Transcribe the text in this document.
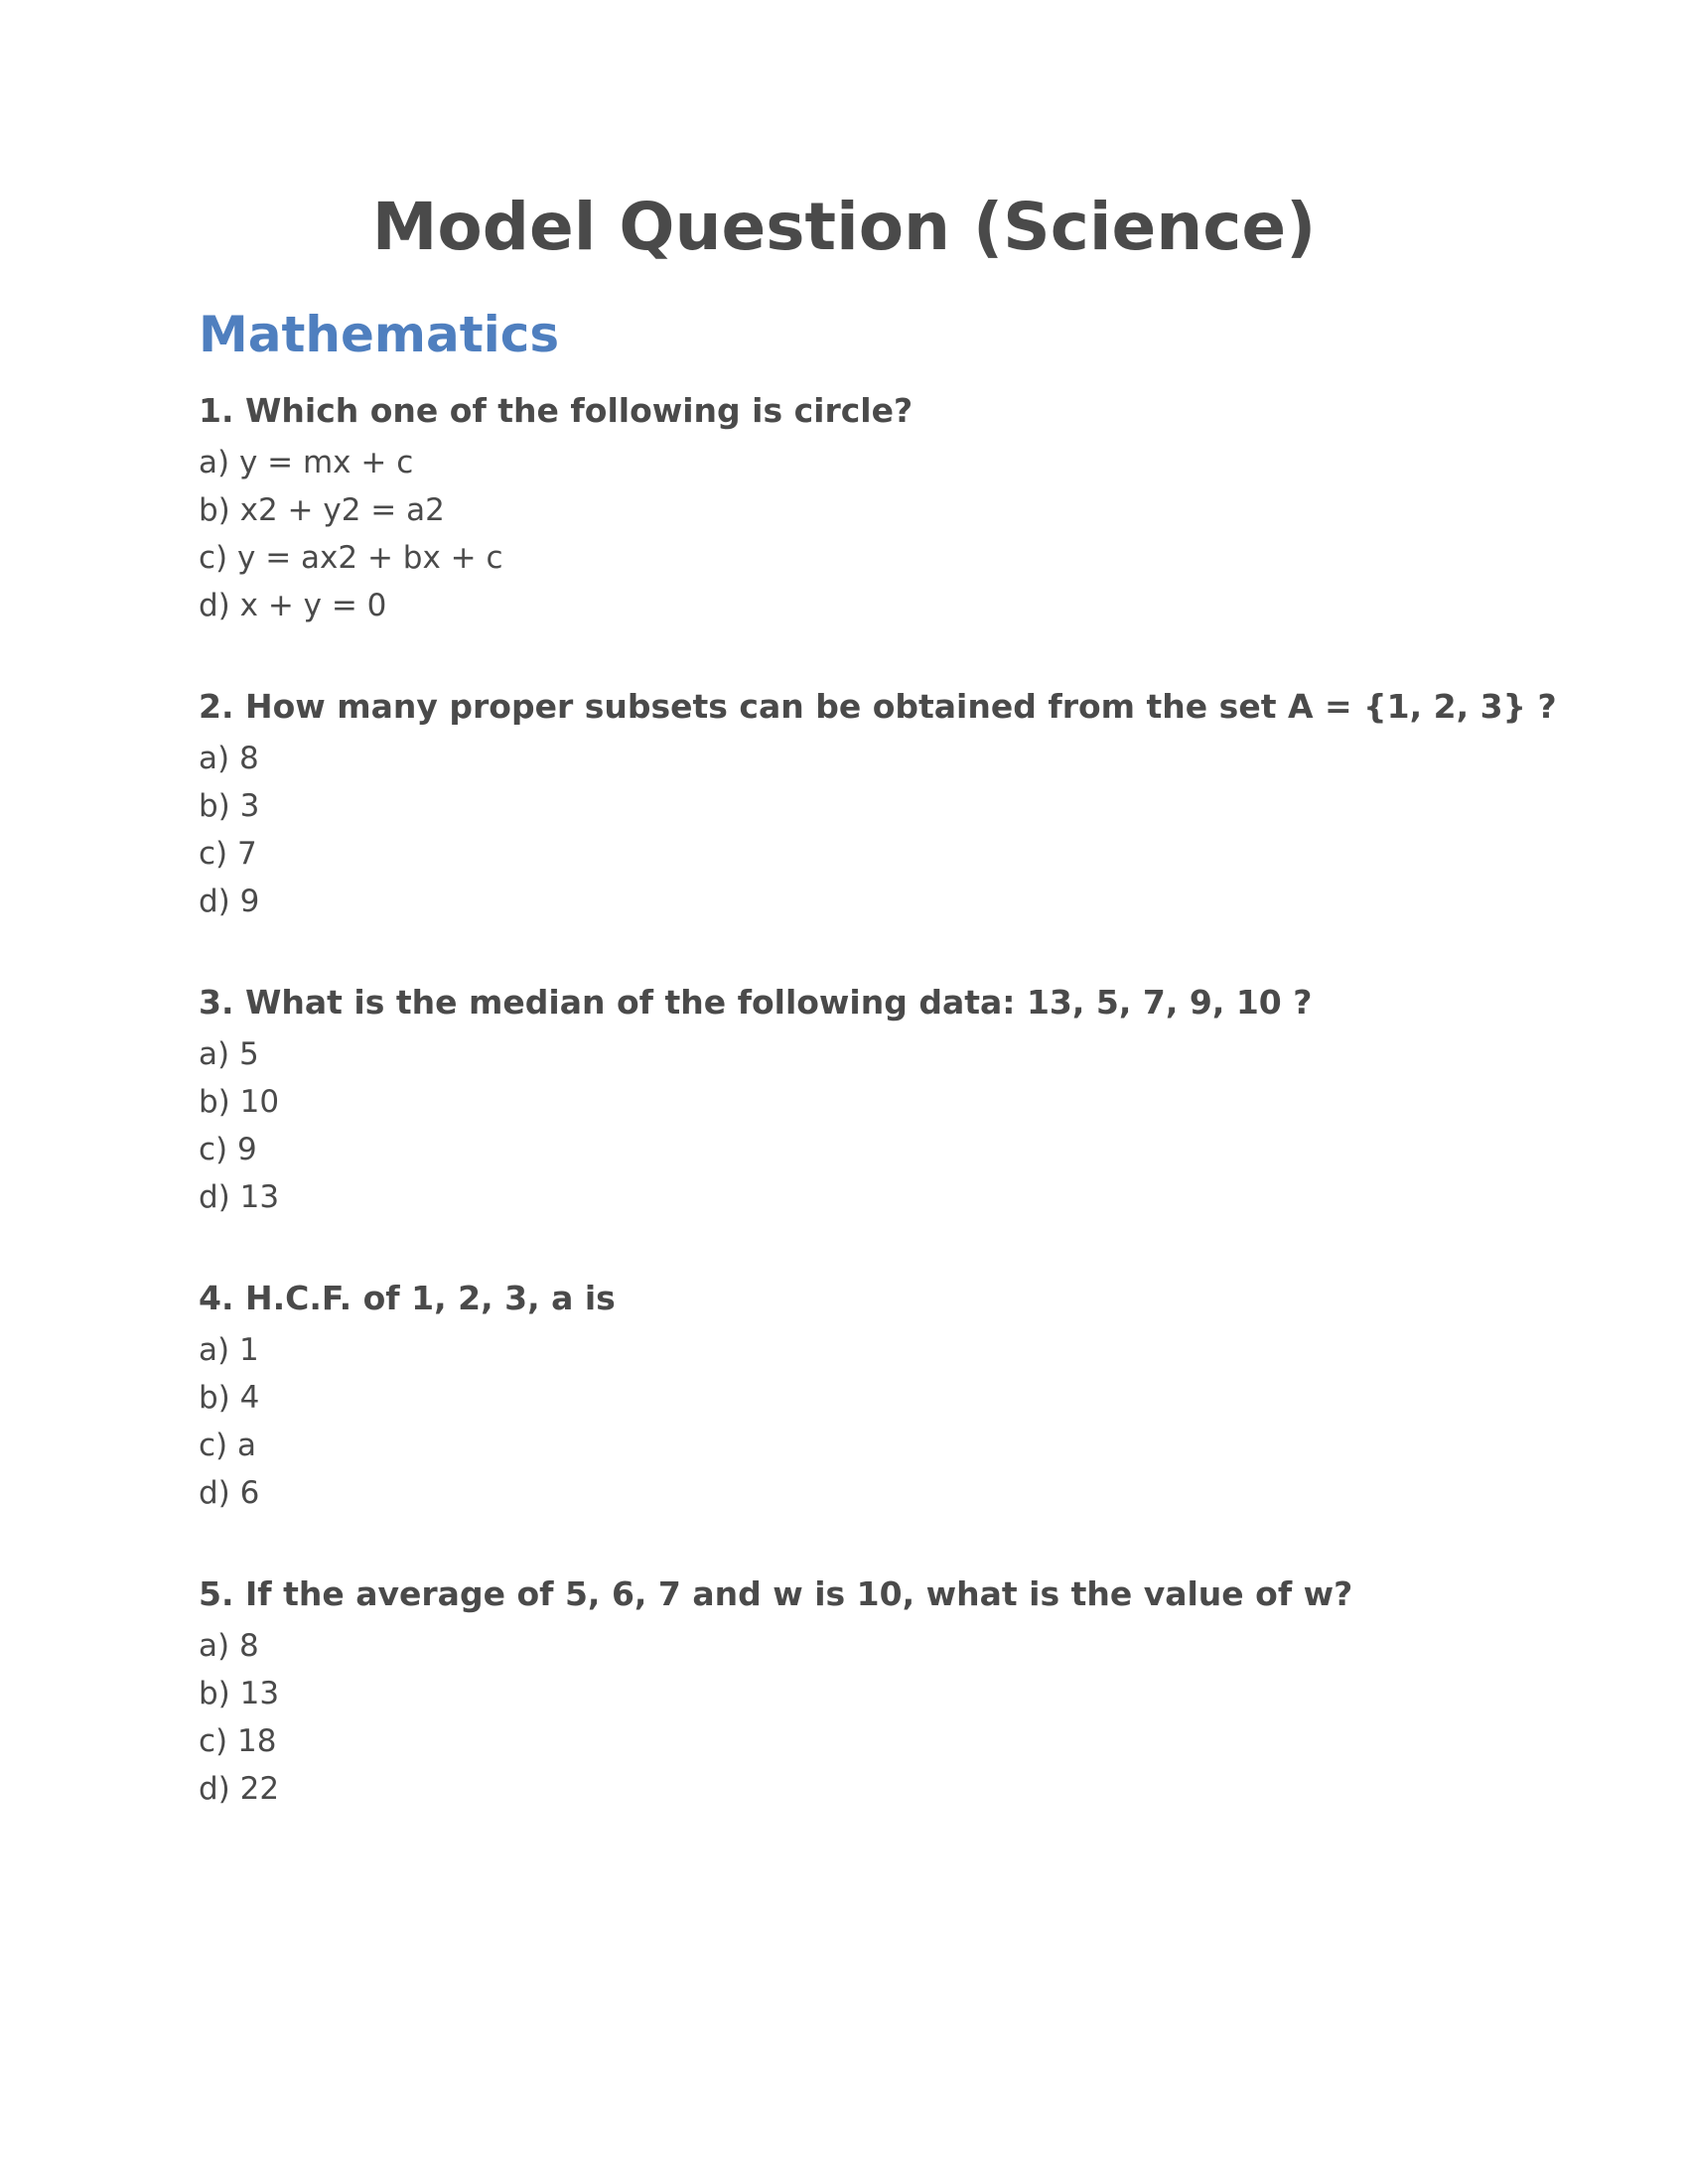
Model Question (Science)
Mathematics
1. Which one of the following is circle?
a) y = mx + c
b) x2 + y2 = a2
c) y = ax2 + bx + c
d) x + y = 0
2. How many proper subsets can be obtained from the set A = {1, 2, 3} ?
a) 8
b) 3
c) 7
d) 9
3. What is the median of the following data: 13, 5, 7, 9, 10 ?
a) 5
b) 10
c) 9
d) 13
4. H.C.F. of 1, 2, 3, a is
a) 1
b) 4
c) a
d) 6
5. If the average of 5, 6, 7 and w is 10, what is the value of w?
a) 8
b) 13
c) 18
d) 22
